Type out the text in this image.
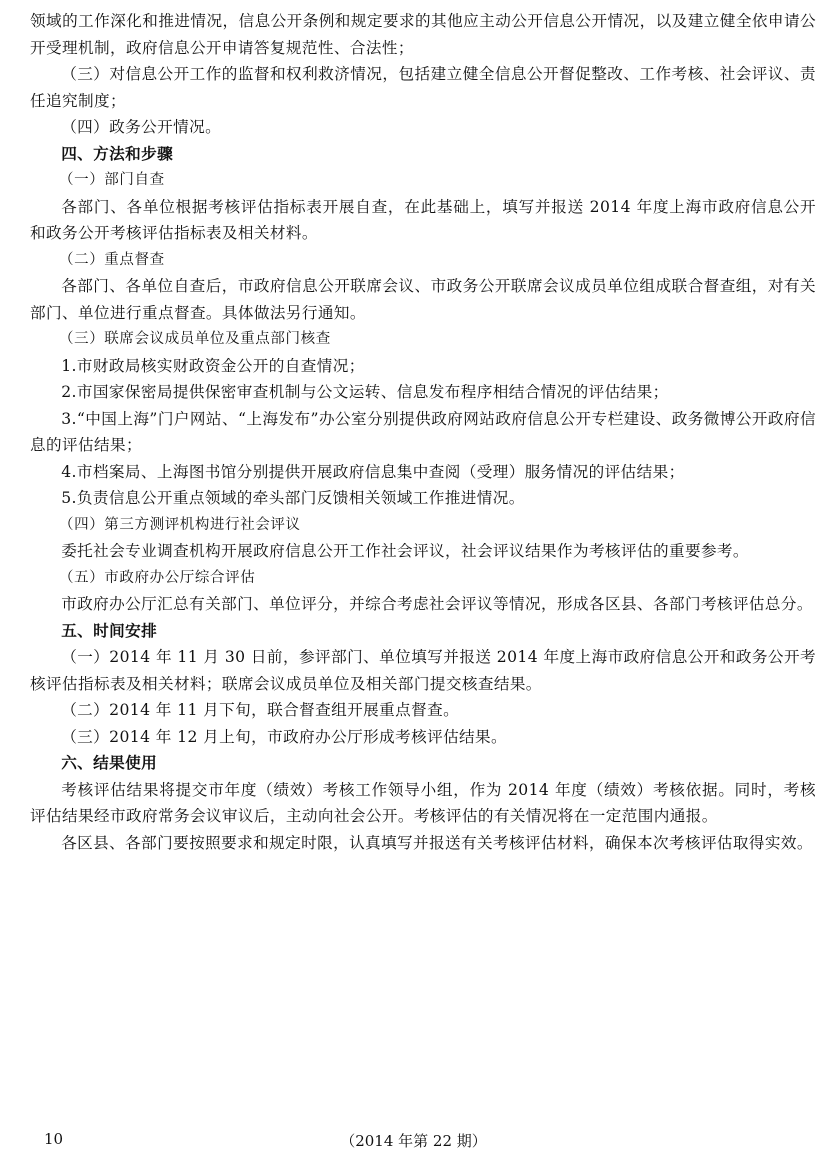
领域的工作深化和推进情况，信息公开条例和规定要求的其他应主动公开信息公开情况，以及建立健全依申请公开受理机制，政府信息公开申请答复规范性、合法性；

（三）对信息公开工作的监督和权利救济情况，包括建立健全信息公开督促整改、工作考核、社会评议、责任追究制度；

（四）政务公开情况。

四、方法和步骤

（一）部门自查

各部门、各单位根据考核评估指标表开展自查，在此基础上，填写并报送 2014 年度上海市政府信息公开和政务公开考核评估指标表及相关材料。

（二）重点督查

各部门、各单位自查后，市政府信息公开联席会议、市政务公开联席会议成员单位组成联合督查组，对有关部门、单位进行重点督查。具体做法另行通知。

（三）联席会议成员单位及重点部门核查

1.市财政局核实财政资金公开的自查情况；

2.市国家保密局提供保密审查机制与公文运转、信息发布程序相结合情况的评估结果；

3.“中国上海”门户网站、“上海发布”办公室分别提供政府网站政府信息公开专栏建设、政务微博公开政府信息的评估结果；

4.市档案局、上海图书馆分别提供开展政府信息集中查阅（受理）服务情况的评估结果；

5.负责信息公开重点领域的牵头部门反馈相关领域工作推进情况。

（四）第三方测评机构进行社会评议

委托社会专业调查机构开展政府信息公开工作社会评议，社会评议结果作为考核评估的重要参考。

（五）市政府办公厅综合评估

市政府办公厅汇总有关部门、单位评分，并综合考虑社会评议等情况，形成各区县、各部门考核评估总分。

五、时间安排

（一）2014 年 11 月 30 日前，参评部门、单位填写并报送 2014 年度上海市政府信息公开和政务公开考核评估指标表及相关材料；联席会议成员单位及相关部门提交核查结果。

（二）2014 年 11 月下旬，联合督查组开展重点督查。

（三）2014 年 12 月上旬，市政府办公厅形成考核评估结果。

六、结果使用

考核评估结果将提交市年度（绩效）考核工作领导小组，作为 2014 年度（绩效）考核依据。同时，考核评估结果经市政府常务会议审议后，主动向社会公开。考核评估的有关情况将在一定范围内通报。

各区县、各部门要按照要求和规定时限，认真填写并报送有关考核评估材料，确保本次考核评估取得实效。

10	（2014 年第 22 期）
